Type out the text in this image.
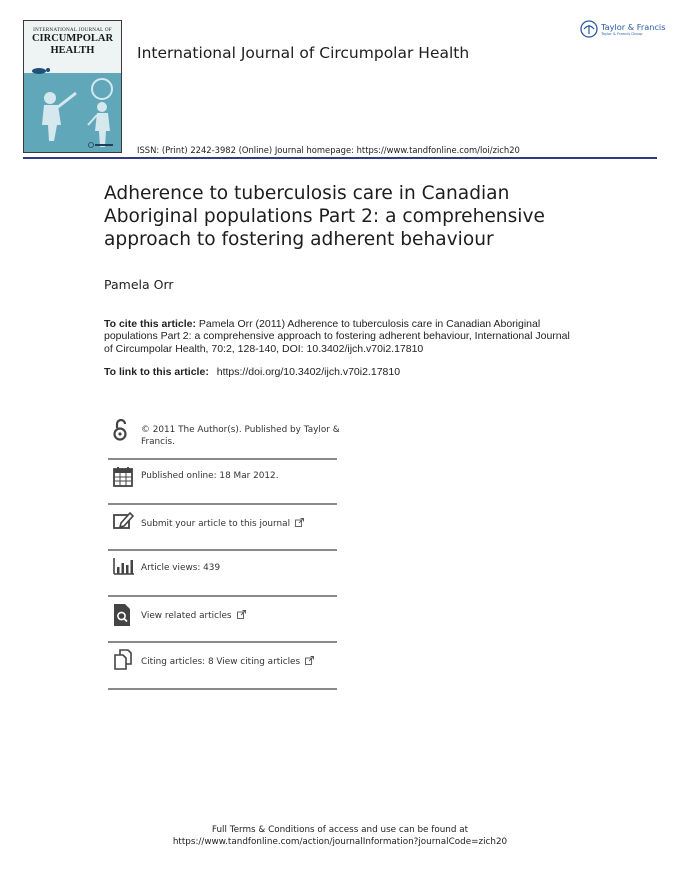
INTERNATIONAL JOURNAL OF
CIRCUMPOLAR
HEALTH	International Journal of Circumpolar Health
Taylor & Francis
Taylor & Francis Group
ISSN: (Print) 2242-3982 (Online) Journal homepage: https://www.tandfonline.com/loi/zich20
Adherence to tuberculosis care in Canadian Aboriginal populations Part 2: a comprehensive approach to fostering adherent behaviour
Pamela Orr
To cite this article: Pamela Orr (2011) Adherence to tuberculosis care in Canadian Aboriginal populations Part 2: a comprehensive approach to fostering adherent behaviour, International Journal of Circumpolar Health, 70:2, 128-140, DOI: 10.3402/ijch.v70i2.17810
To link to this article: https://doi.org/10.3402/ijch.v70i2.17810
© 2011 The Author(s). Published by Taylor & Francis.
Published online: 18 Mar 2012.
Submit your article to this journal
Article views: 439
View related articles
Citing articles: 8 View citing articles
Full Terms & Conditions of access and use can be found at
https://www.tandfonline.com/action/journalInformation?journalCode=zich20
